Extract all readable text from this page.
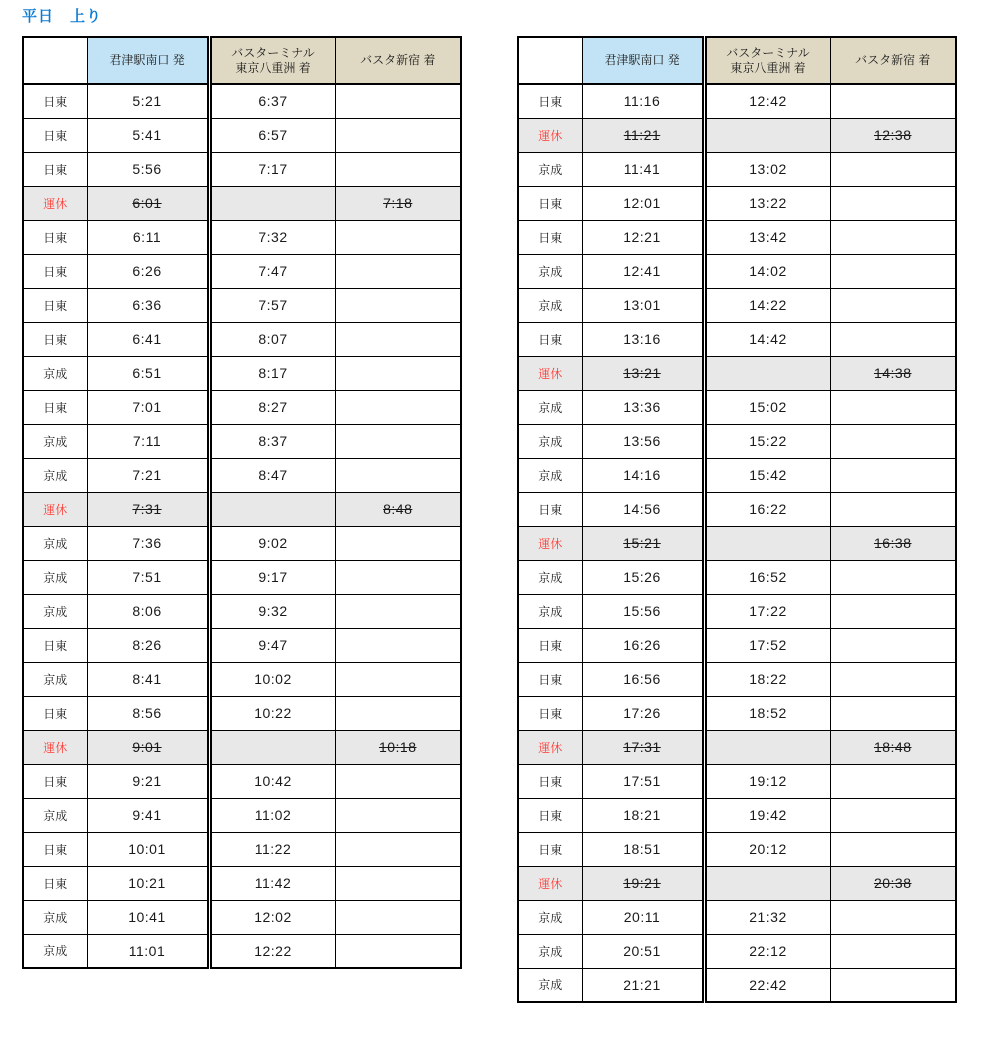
平日　上り
	君津駅南口 発	バスターミナル
東京八重洲 着	バスタ新宿 着
日東	5:21	6:37	
日東	5:41	6:57	
日東	5:56	7:17	
運休	6:01		7:18
日東	6:11	7:32	
日東	6:26	7:47	
日東	6:36	7:57	
日東	6:41	8:07	
京成	6:51	8:17	
日東	7:01	8:27	
京成	7:11	8:37	
京成	7:21	8:47	
運休	7:31		8:48
京成	7:36	9:02	
京成	7:51	9:17	
京成	8:06	9:32	
日東	8:26	9:47	
京成	8:41	10:02	
日東	8:56	10:22	
運休	9:01		10:18
日東	9:21	10:42	
京成	9:41	11:02	
日東	10:01	11:22	
日東	10:21	11:42	
京成	10:41	12:02	
京成	11:01	12:22	
	君津駅南口 発	バスターミナル
東京八重洲 着	バスタ新宿 着
日東	11:16	12:42	
運休	11:21		12:38
京成	11:41	13:02	
日東	12:01	13:22	
日東	12:21	13:42	
京成	12:41	14:02	
京成	13:01	14:22	
日東	13:16	14:42	
運休	13:21		14:38
京成	13:36	15:02	
京成	13:56	15:22	
京成	14:16	15:42	
日東	14:56	16:22	
運休	15:21		16:38
京成	15:26	16:52	
京成	15:56	17:22	
日東	16:26	17:52	
日東	16:56	18:22	
日東	17:26	18:52	
運休	17:31		18:48
日東	17:51	19:12	
日東	18:21	19:42	
日東	18:51	20:12	
運休	19:21		20:38
京成	20:11	21:32	
京成	20:51	22:12	
京成	21:21	22:42	
